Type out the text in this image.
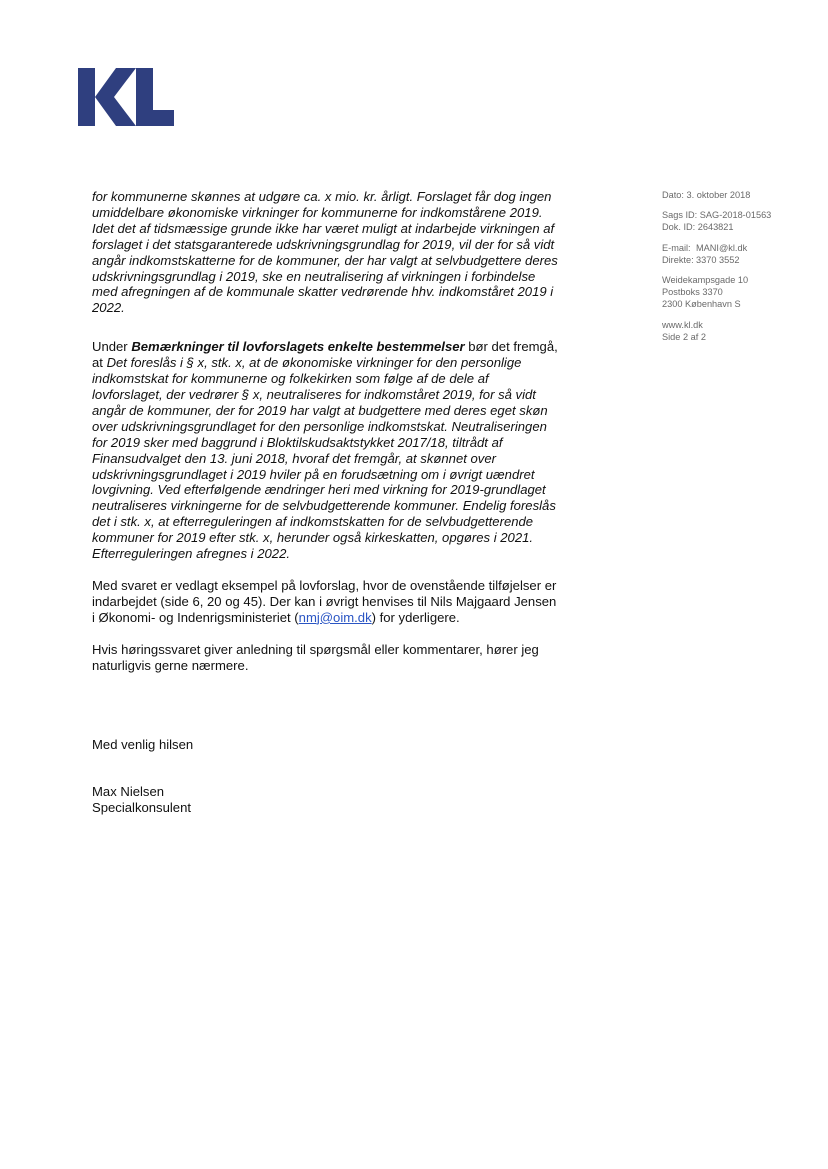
Dato: 3. oktober 2018
Sags ID: SAG-2018-01563
Dok. ID: 2643821
E-mail: MANI@kl.dk
Direkte: 3370 3552
Weidekampsgade 10
Postboks 3370
2300 København S
www.kl.dk
Side 2 af 2

for kommunerne skønnes at udgøre ca. x mio. kr. årligt. Forslaget får dog ingen umiddelbare økonomiske virkninger for kommunerne for indkomstårene 2019. Idet det af tidsmæssige grunde ikke har været muligt at indarbejde virkningen af forslaget i det statsgaranterede udskrivningsgrundlag for 2019, vil der for så vidt angår indkomstskatterne for de kommuner, der har valgt at selvbudgettere deres udskrivningsgrundlag i 2019, ske en neutralisering af virkningen i forbindelse med afregningen af de kommunale skatter vedrørende hhv. indkomståret 2019 i 2022.

Under Bemærkninger til lovforslagets enkelte bestemmelser bør det fremgå, at Det foreslås i § x, stk. x, at de økonomiske virkninger for den personlige indkomstskat for kommunerne og folkekirken som følge af de dele af lovforslaget, der vedrører § x, neutraliseres for indkomståret 2019, for så vidt angår de kommuner, der for 2019 har valgt at budgettere med deres eget skøn over udskrivningsgrundlaget for den personlige indkomstskat. Neutraliseringen for 2019 sker med baggrund i Bloktilskudsaktstykket 2017/18, tiltrådt af Finansudvalget den 13. juni 2018, hvoraf det fremgår, at skønnet over udskrivningsgrundlaget i 2019 hviler på en forudsætning om i øvrigt uændret lovgivning. Ved efterfølgende ændringer heri med virkning for 2019-grundlaget neutraliseres virkningerne for de selvbudgetterende kommuner. Endelig foreslås det i stk. x, at efterreguleringen af indkomstskatten for de selvbudgetterende kommuner for 2019 efter stk. x, herunder også kirkeskatten, opgøres i 2021. Efterreguleringen afregnes i 2022.

Med svaret er vedlagt eksempel på lovforslag, hvor de ovenstående tilføjelser er indarbejdet (side 6, 20 og 45). Der kan i øvrigt henvises til Nils Majgaard Jensen i Økonomi- og Indenrigsministeriet (nmj@oim.dk) for yderligere.

Hvis høringssvaret giver anledning til spørgsmål eller kommentarer, hører jeg naturligvis gerne nærmere.

Med venlig hilsen
Max Nielsen
Specialkonsulent
